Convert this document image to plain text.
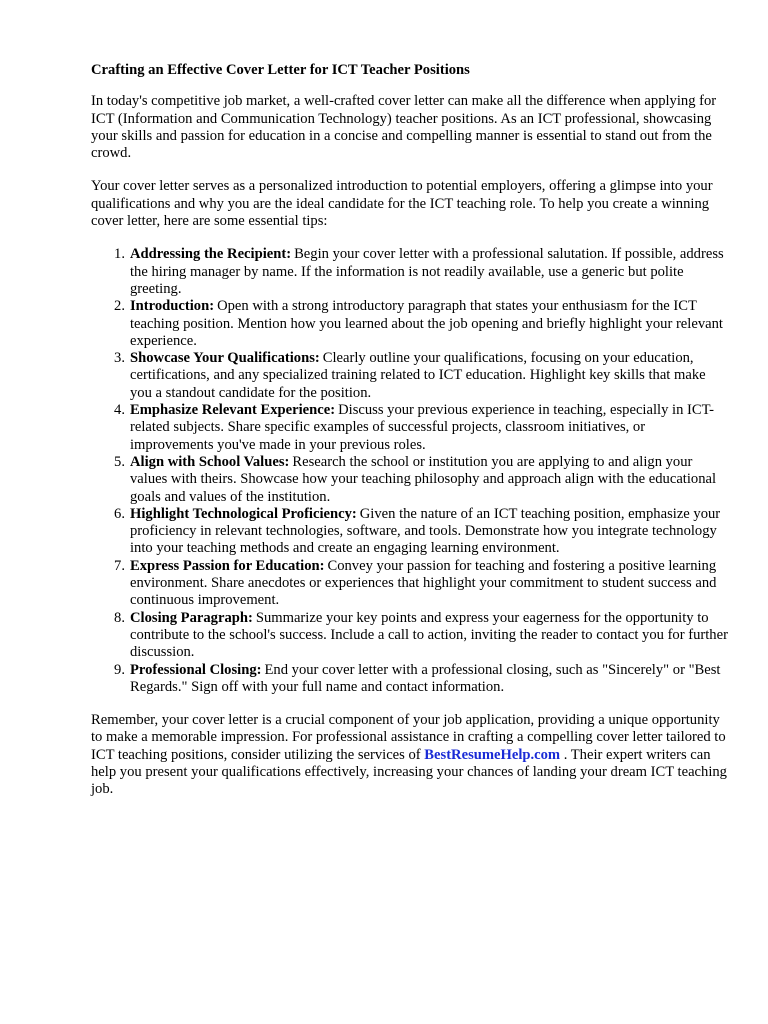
Crafting an Effective Cover Letter for ICT Teacher Positions

In today's competitive job market, a well-crafted cover letter can make all the difference when applying for ICT (Information and Communication Technology) teacher positions. As an ICT professional, showcasing your skills and passion for education in a concise and compelling manner is essential to stand out from the crowd.

Your cover letter serves as a personalized introduction to potential employers, offering a glimpse into your qualifications and why you are the ideal candidate for the ICT teaching role. To help you create a winning cover letter, here are some essential tips:

1. Addressing the Recipient: Begin your cover letter with a professional salutation. If possible, address the hiring manager by name. If the information is not readily available, use a generic but polite greeting.
2. Introduction: Open with a strong introductory paragraph that states your enthusiasm for the ICT teaching position. Mention how you learned about the job opening and briefly highlight your relevant experience.
3. Showcase Your Qualifications: Clearly outline your qualifications, focusing on your education, certifications, and any specialized training related to ICT education. Highlight key skills that make you a standout candidate for the position.
4. Emphasize Relevant Experience: Discuss your previous experience in teaching, especially in ICT-related subjects. Share specific examples of successful projects, classroom initiatives, or improvements you've made in your previous roles.
5. Align with School Values: Research the school or institution you are applying to and align your values with theirs. Showcase how your teaching philosophy and approach align with the educational goals and values of the institution.
6. Highlight Technological Proficiency: Given the nature of an ICT teaching position, emphasize your proficiency in relevant technologies, software, and tools. Demonstrate how you integrate technology into your teaching methods and create an engaging learning environment.
7. Express Passion for Education: Convey your passion for teaching and fostering a positive learning environment. Share anecdotes or experiences that highlight your commitment to student success and continuous improvement.
8. Closing Paragraph: Summarize your key points and express your eagerness for the opportunity to contribute to the school's success. Include a call to action, inviting the reader to contact you for further discussion.
9. Professional Closing: End your cover letter with a professional closing, such as "Sincerely" or "Best Regards." Sign off with your full name and contact information.

Remember, your cover letter is a crucial component of your job application, providing a unique opportunity to make a memorable impression. For professional assistance in crafting a compelling cover letter tailored to ICT teaching positions, consider utilizing the services of BestResumeHelp.com . Their expert writers can help you present your qualifications effectively, increasing your chances of landing your dream ICT teaching job.
